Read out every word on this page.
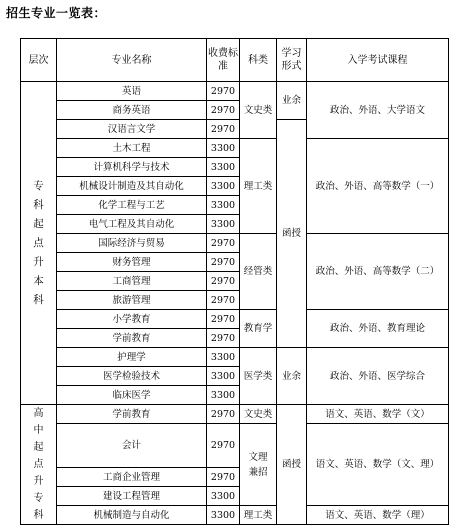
招生专业一览表：
层次	专业名称	收费标准	科类	学习形式	入学考试课程

专科起点升本科	英语	2970	文史类	业余	政治、外语、大学语文
	商务英语	2970			
	汉语言文学	2970		函授	
	土木工程	3300	理工类		政治、外语、高等数学（一）
	计算机科学与技术	3300			
	机械设计制造及其自动化	3300			
	化学工程与工艺	3300			
	电气工程及其自动化	3300			
	国际经济与贸易	2970	经管类		政治、外语、高等数学（二）
	财务管理	2970			
	工商管理	2970			
	旅游管理	2970			
	小学教育	2970	教育学		政治、外语、教育理论
	学前教育	2970			
	护理学	3300	医学类	业余	政治、外语、医学综合
	医学检验技术	3300			
	临床医学	3300			

高中起点升专科	学前教育	2970	文史类	函授	语文、英语、数学（文）
	会计	2970	文理兼招		语文、英语、数学（文、理）
	工商企业管理	2970			
	建设工程管理	3300			
	机械制造与自动化	3300	理工类		语文、英语、数学（理）
